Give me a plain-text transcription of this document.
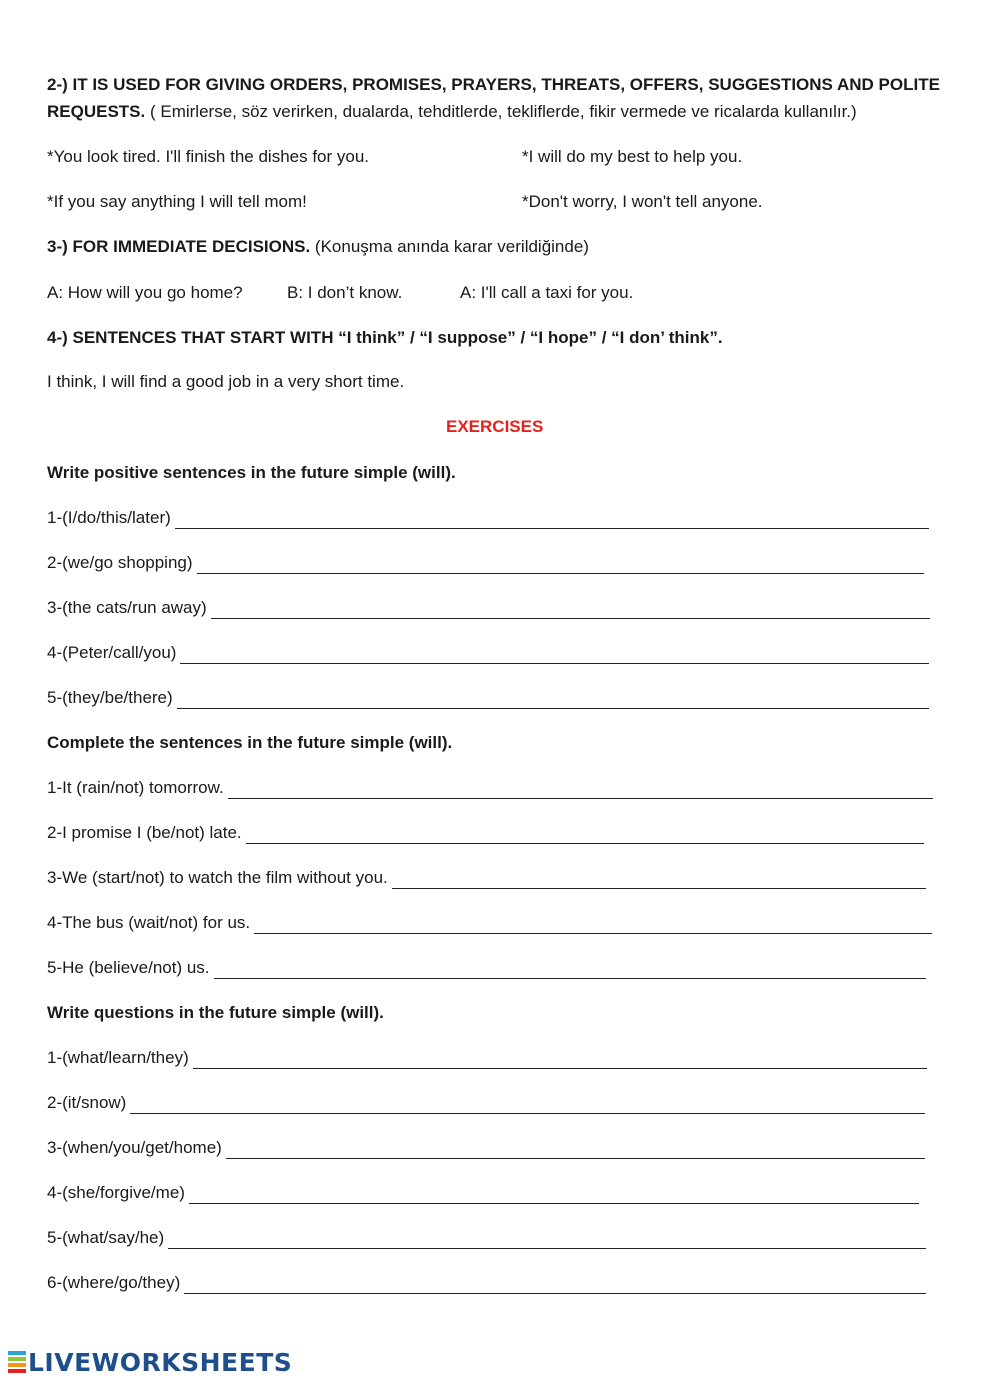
2-) IT IS USED FOR GIVING ORDERS, PROMISES, PRAYERS, THREATS, OFFERS, SUGGESTIONS AND POLITE
REQUESTS. ( Emirlerse, söz verirken, dualarda, tehditlerde, tekliflerde, fikir vermede ve ricalarda kullanılır.)
*You look tired. I'll finish the dishes for you.	*I will do my best to help you.
*If you say anything I will tell mom!	*Don't worry, I won't tell anyone.
3-) FOR IMMEDIATE DECISIONS. (Konuşma anında karar verildiğinde)
A: How will you go home?	B: I don’t know.	A: I'll call a taxi for you.
4-) SENTENCES THAT START WITH “I think” / “I suppose” / “I hope” / “I don’ think”.
I think, I will find a good job in a very short time.
EXERCISES
Write positive sentences in the future simple (will).
1-(I/do/this/later)
2-(we/go shopping)
3-(the cats/run away)
4-(Peter/call/you)
5-(they/be/there)
Complete the sentences in the future simple (will).
1-It (rain/not) tomorrow.
2-I promise I (be/not) late.
3-We (start/not) to watch the film without you.
4-The bus (wait/not) for us.
5-He (believe/not) us.
Write questions in the future simple (will).
1-(what/learn/they)
2-(it/snow)
3-(when/you/get/home)
4-(she/forgive/me)
5-(what/say/he)
6-(where/go/they)
LIVEWORKSHEETS
